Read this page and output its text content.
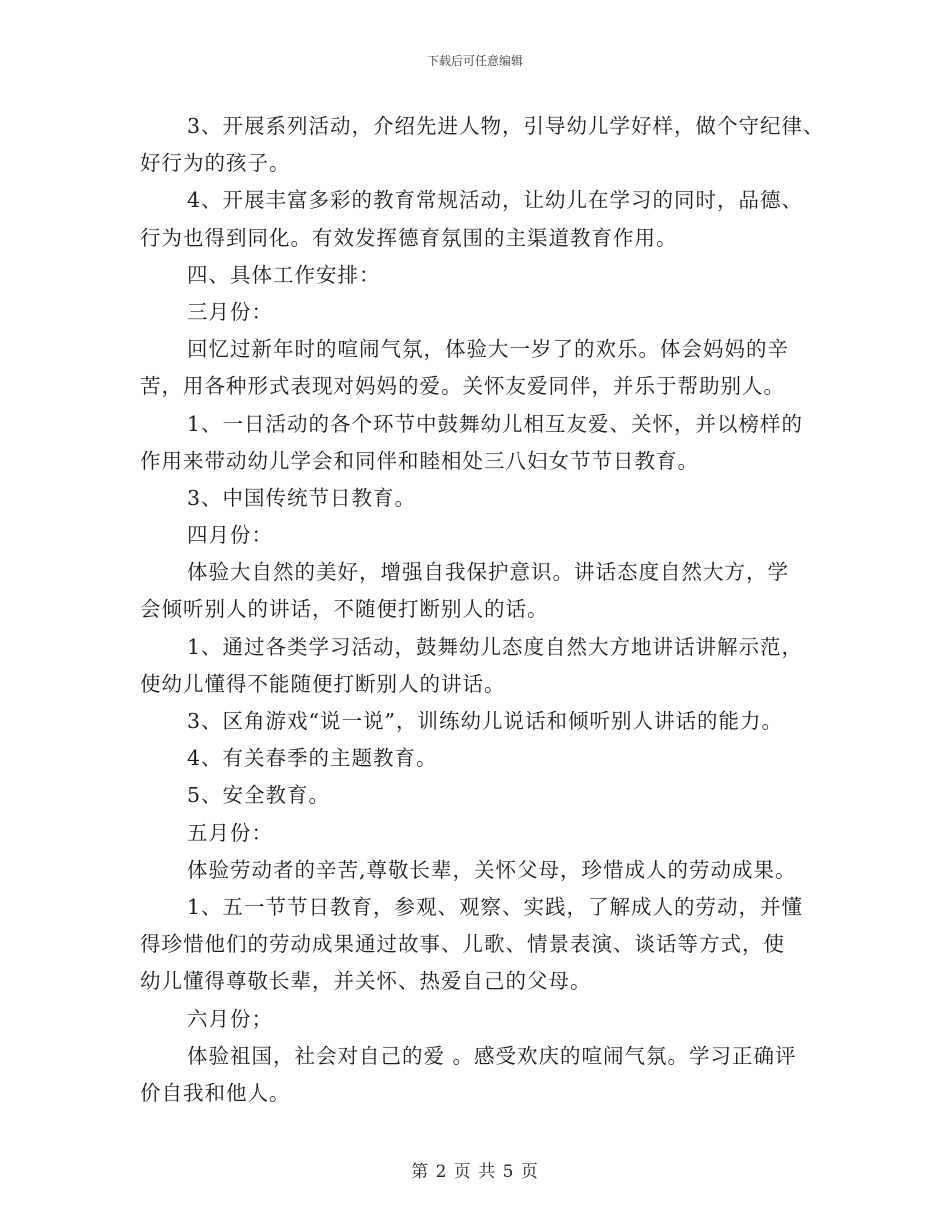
下载后可任意编辑
3、开展系列活动，介绍先进人物，引导幼儿学好样，做个守纪律、
好行为的孩子。
4、开展丰富多彩的教育常规活动，让幼儿在学习的同时，品德、
行为也得到同化。有效发挥德育氛围的主渠道教育作用。
四、具体工作安排：
三月份：
回忆过新年时的喧闹气氛，体验大一岁了的欢乐。体会妈妈的辛
苦，用各种形式表现对妈妈的爱。关怀友爱同伴，并乐于帮助别人。
1、一日活动的各个环节中鼓舞幼儿相互友爱、关怀，并以榜样的
作用来带动幼儿学会和同伴和睦相处三八妇女节节日教育。
3、中国传统节日教育。
四月份：
体验大自然的美好，增强自我保护意识。讲话态度自然大方，学
会倾听别人的讲话，不随便打断别人的话。
1、通过各类学习活动，鼓舞幼儿态度自然大方地讲话讲解示范，
使幼儿懂得不能随便打断别人的讲话。
3、区角游戏“说一说”，训练幼儿说话和倾听别人讲话的能力。
4、有关春季的主题教育。
5、安全教育。
五月份：
体验劳动者的辛苦,尊敬长辈，关怀父母，珍惜成人的劳动成果。
1、五一节节日教育，参观、观察、实践，了解成人的劳动，并懂
得珍惜他们的劳动成果通过故事、儿歌、情景表演、谈话等方式，使
幼儿懂得尊敬长辈，并关怀、热爱自己的父母。
六月份；
体验祖国，社会对自己的爱 。感受欢庆的喧闹气氛。学习正确评
价自我和他人。
第 2 页 共 5 页
